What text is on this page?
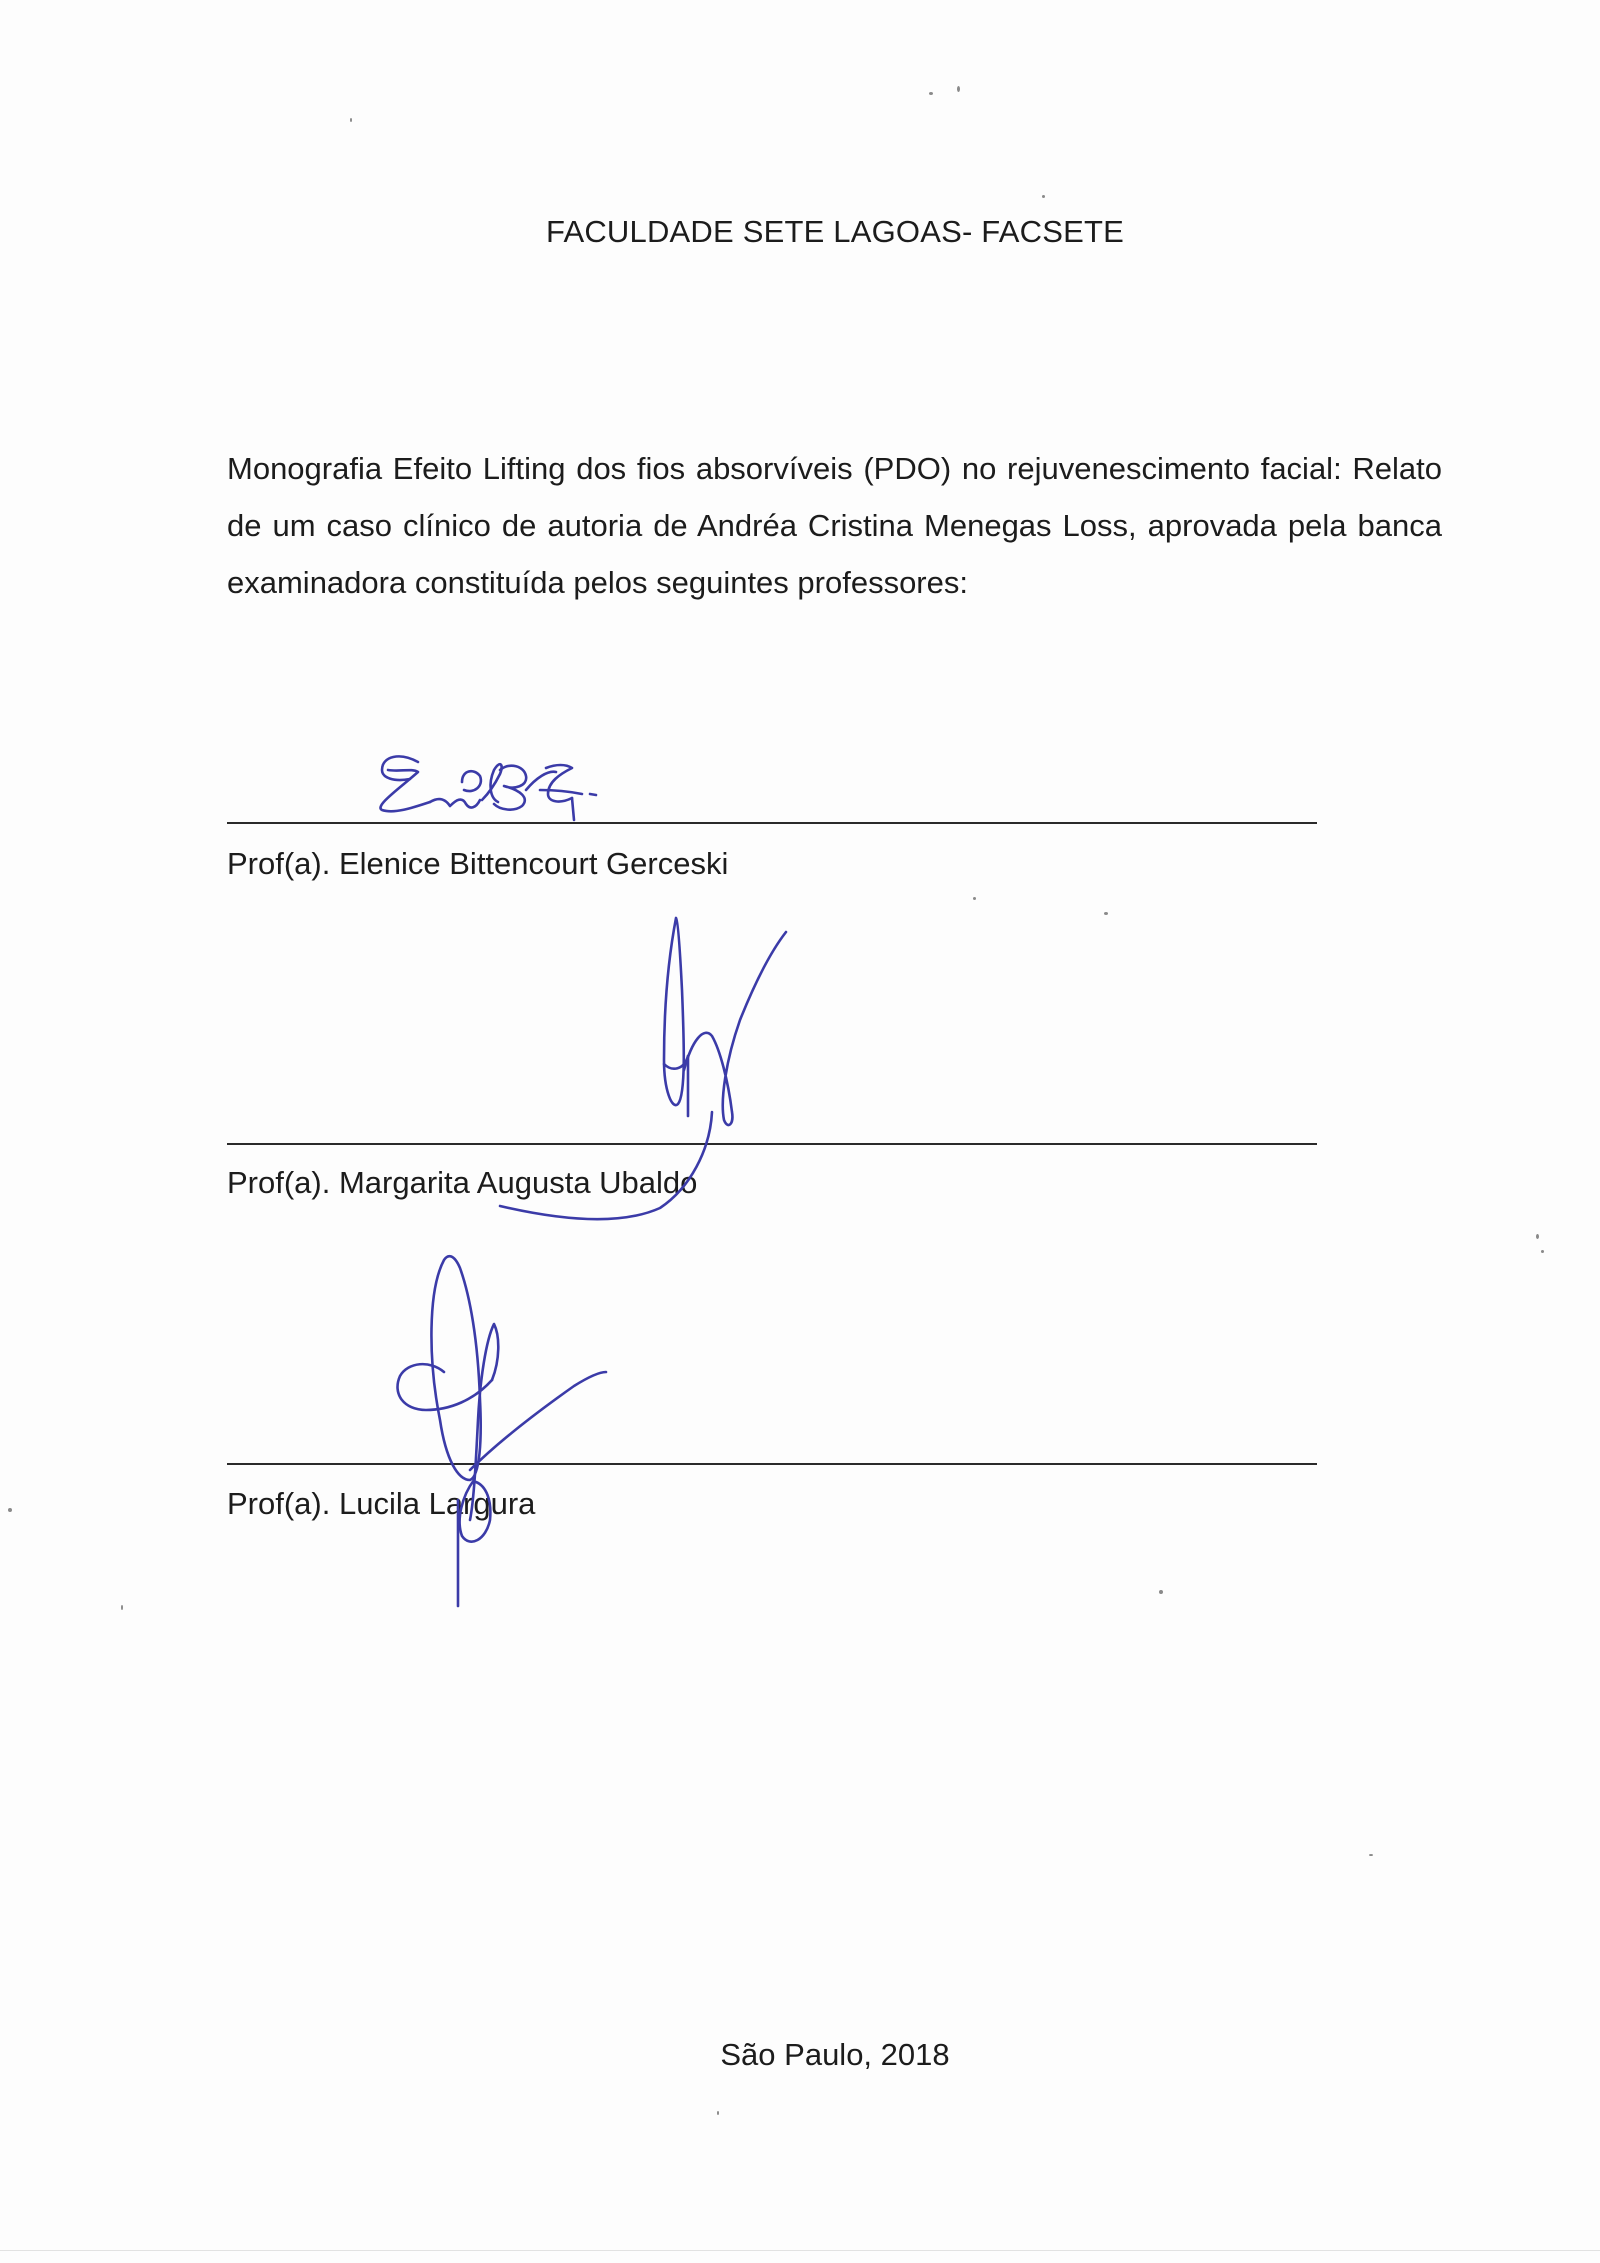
FACULDADE SETE LAGOAS- FACSETE
Monografia Efeito Lifting dos fios absorvíveis (PDO) no rejuvenescimento facial: Relato de um caso clínico de autoria de Andréa Cristina Menegas Loss, aprovada pela banca examinadora constituída pelos seguintes professores:
Prof(a). Elenice Bittencourt Gerceski
Prof(a). Margarita Augusta Ubaldo
Prof(a). Lucila Largura
São Paulo, 2018
